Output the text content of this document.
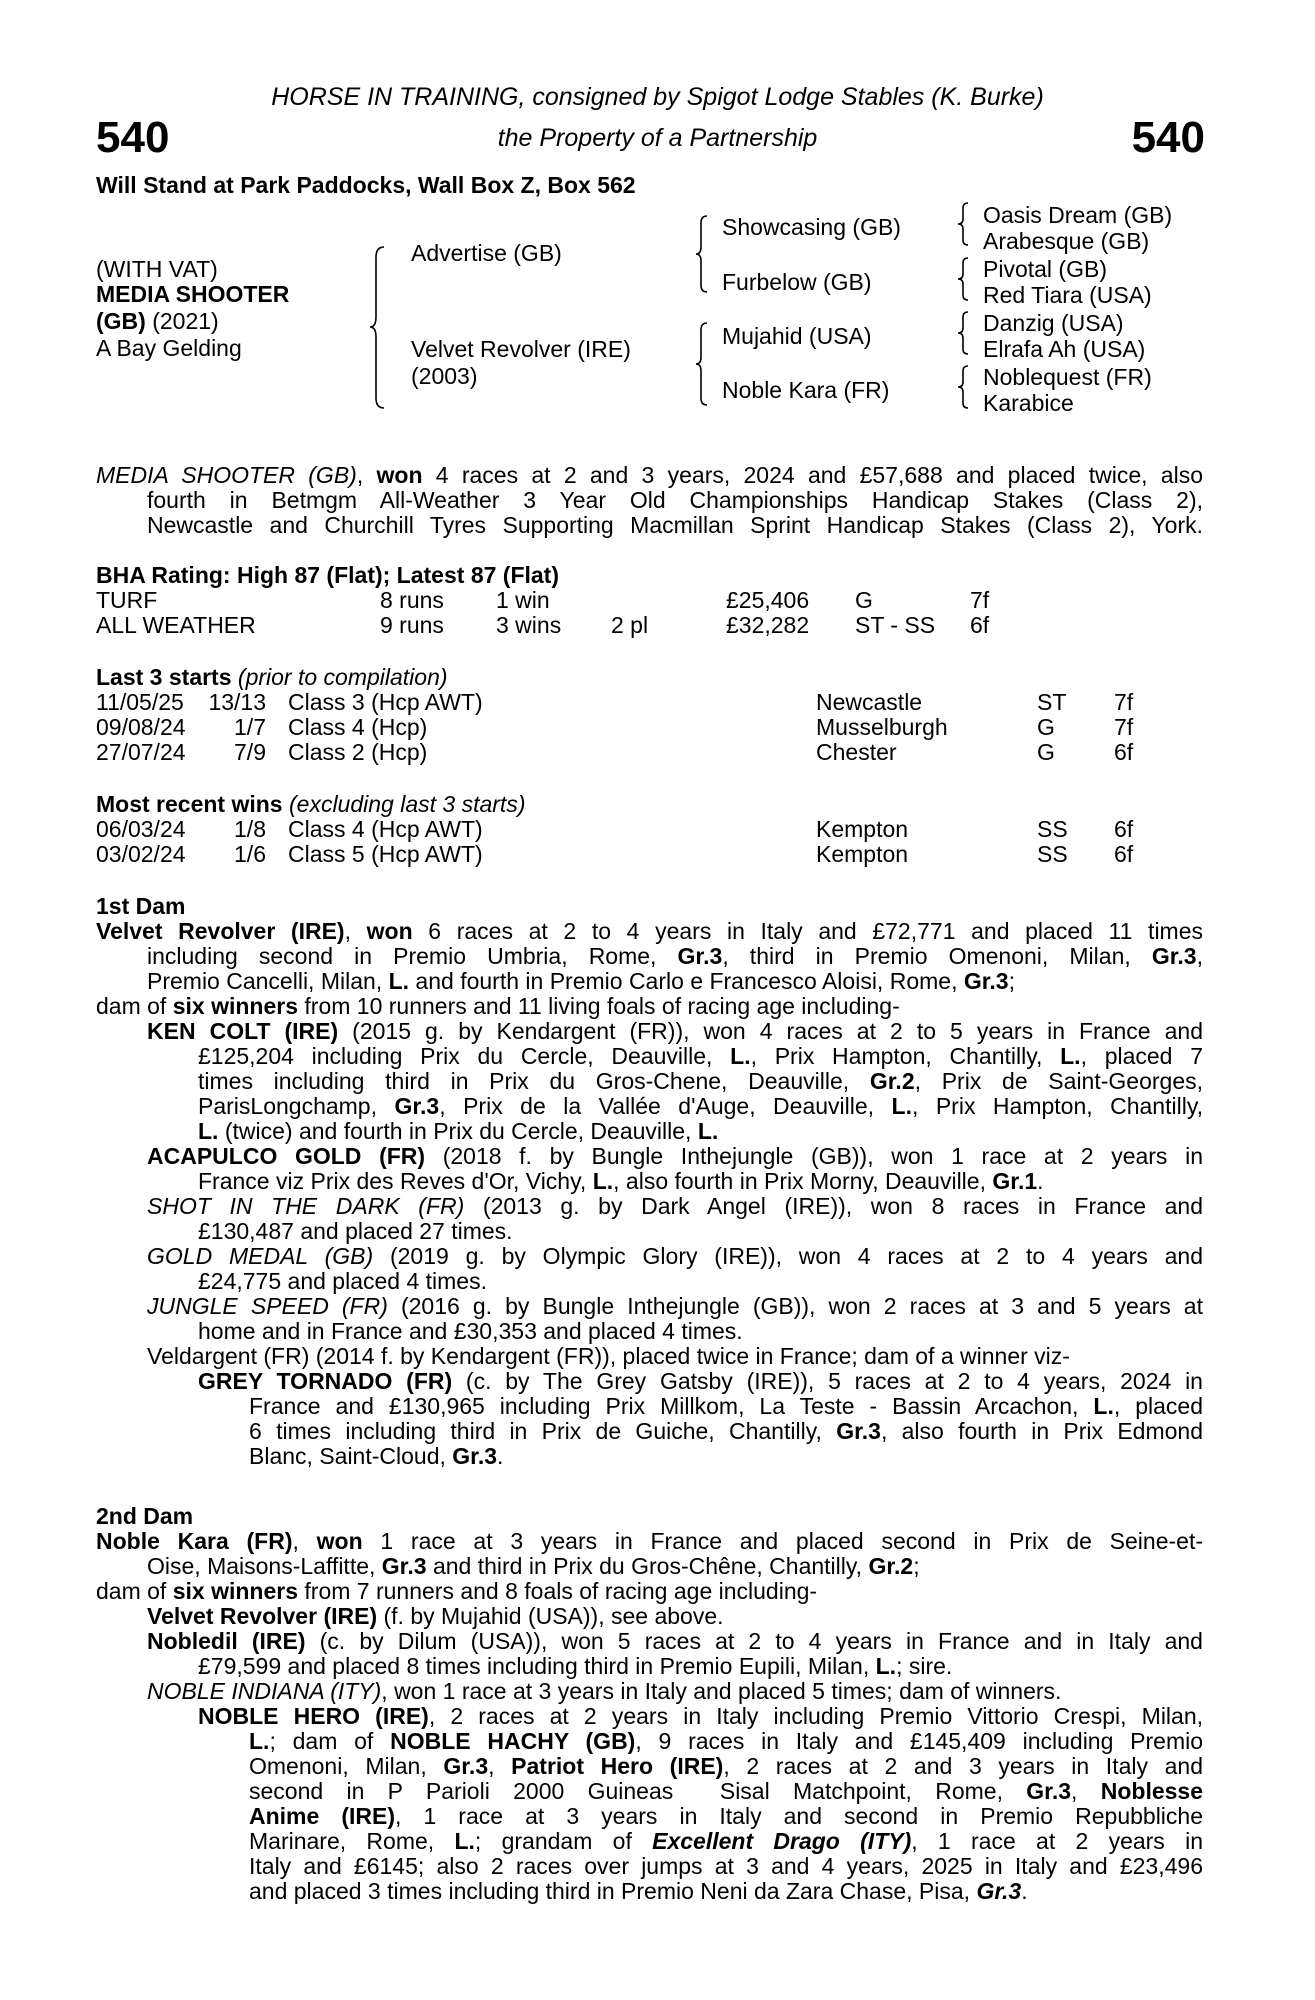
540	540
HORSE IN TRAINING, consigned by Spigot Lodge Stables (K. Burke)
the Property of a Partnership
Will Stand at Park Paddocks, Wall Box Z, Box 562
(WITH VAT)
MEDIA SHOOTER
(GB) (2021)
A Bay Gelding
Advertise (GB)
Velvet Revolver (IRE)
(2003)
Showcasing (GB)
Furbelow (GB)
Mujahid (USA)
Noble Kara (FR)
Oasis Dream (GB)
Arabesque (GB)
Pivotal (GB)
Red Tiara (USA)
Danzig (USA)
Elrafa Ah (USA)
Noblequest (FR)
Karabice
MEDIA SHOOTER (GB), won 4 races at 2 and 3 years, 2024 and £57,688 and placed twice, also
fourth in Betmgm All-Weather 3 Year Old Championships Handicap Stakes (Class 2),
Newcastle and Churchill Tyres Supporting Macmillan Sprint Handicap Stakes (Class 2), York.
BHA Rating: High 87 (Flat); Latest 87 (Flat)
TURF	8 runs 1 win	£25,406 G	7f
ALL WEATHER	9 runs 3 wins 2 pl	£32,282 ST - SS 6f
Last 3 starts (prior to compilation)
11/05/25	13/13 Class 3 (Hcp AWT)	Newcastle	ST 7f
09/08/24	1/7 Class 4 (Hcp)	Musselburgh	G	7f
27/07/24	7/9 Class 2 (Hcp)	Chester	G	6f
Most recent wins (excluding last 3 starts)
06/03/24	1/8 Class 4 (Hcp AWT)	Kempton	SS 6f
03/02/24	1/6 Class 5 (Hcp AWT)	Kempton	SS 6f
1st Dam
Velvet Revolver (IRE), won 6 races at 2 to 4 years in Italy and £72,771 and placed 11 times
including second in Premio Umbria, Rome, Gr.3, third in Premio Omenoni, Milan, Gr.3,
Premio Cancelli, Milan, L. and fourth in Premio Carlo e Francesco Aloisi, Rome, Gr.3;
dam of six winners from 10 runners and 11 living foals of racing age including-
KEN COLT (IRE) (2015 g. by Kendargent (FR)), won 4 races at 2 to 5 years in France and
£125,204 including Prix du Cercle, Deauville, L., Prix Hampton, Chantilly, L., placed 7
times including third in Prix du Gros-Chene, Deauville, Gr.2, Prix de Saint-Georges,
ParisLongchamp, Gr.3, Prix de la Vallée d'Auge, Deauville, L., Prix Hampton, Chantilly,
L. (twice) and fourth in Prix du Cercle, Deauville, L.
ACAPULCO GOLD (FR) (2018 f. by Bungle Inthejungle (GB)), won 1 race at 2 years in
France viz Prix des Reves d'Or, Vichy, L., also fourth in Prix Morny, Deauville, Gr.1.
SHOT IN THE DARK (FR) (2013 g. by Dark Angel (IRE)), won 8 races in France and
£130,487 and placed 27 times.
GOLD MEDAL (GB) (2019 g. by Olympic Glory (IRE)), won 4 races at 2 to 4 years and
£24,775 and placed 4 times.
JUNGLE SPEED (FR) (2016 g. by Bungle Inthejungle (GB)), won 2 races at 3 and 5 years at
home and in France and £30,353 and placed 4 times.
Veldargent (FR) (2014 f. by Kendargent (FR)), placed twice in France; dam of a winner viz-
GREY TORNADO (FR) (c. by The Grey Gatsby (IRE)), 5 races at 2 to 4 years, 2024 in
France and £130,965 including Prix Millkom, La Teste - Bassin Arcachon, L., placed
6 times including third in Prix de Guiche, Chantilly, Gr.3, also fourth in Prix Edmond
Blanc, Saint-Cloud, Gr.3.
2nd Dam
Noble Kara (FR), won 1 race at 3 years in France and placed second in Prix de Seine-et-
Oise, Maisons-Laffitte, Gr.3 and third in Prix du Gros-Chêne, Chantilly, Gr.2;
dam of six winners from 7 runners and 8 foals of racing age including-
Velvet Revolver (IRE) (f. by Mujahid (USA)), see above.
Nobledil (IRE) (c. by Dilum (USA)), won 5 races at 2 to 4 years in France and in Italy and
£79,599 and placed 8 times including third in Premio Eupili, Milan, L.; sire.
NOBLE INDIANA (ITY), won 1 race at 3 years in Italy and placed 5 times; dam of winners.
NOBLE HERO (IRE), 2 races at 2 years in Italy including Premio Vittorio Crespi, Milan,
L.; dam of NOBLE HACHY (GB), 9 races in Italy and £145,409 including Premio
Omenoni, Milan, Gr.3, Patriot Hero (IRE), 2 races at 2 and 3 years in Italy and
second in P Parioli 2000 Guineas  Sisal Matchpoint, Rome, Gr.3, Noblesse
Anime (IRE), 1 race at 3 years in Italy and second in Premio Repubbliche
Marinare, Rome, L.; grandam of Excellent Drago (ITY), 1 race at 2 years in
Italy and £6145; also 2 races over jumps at 3 and 4 years, 2025 in Italy and £23,496
and placed 3 times including third in Premio Neni da Zara Chase, Pisa, Gr.3.
